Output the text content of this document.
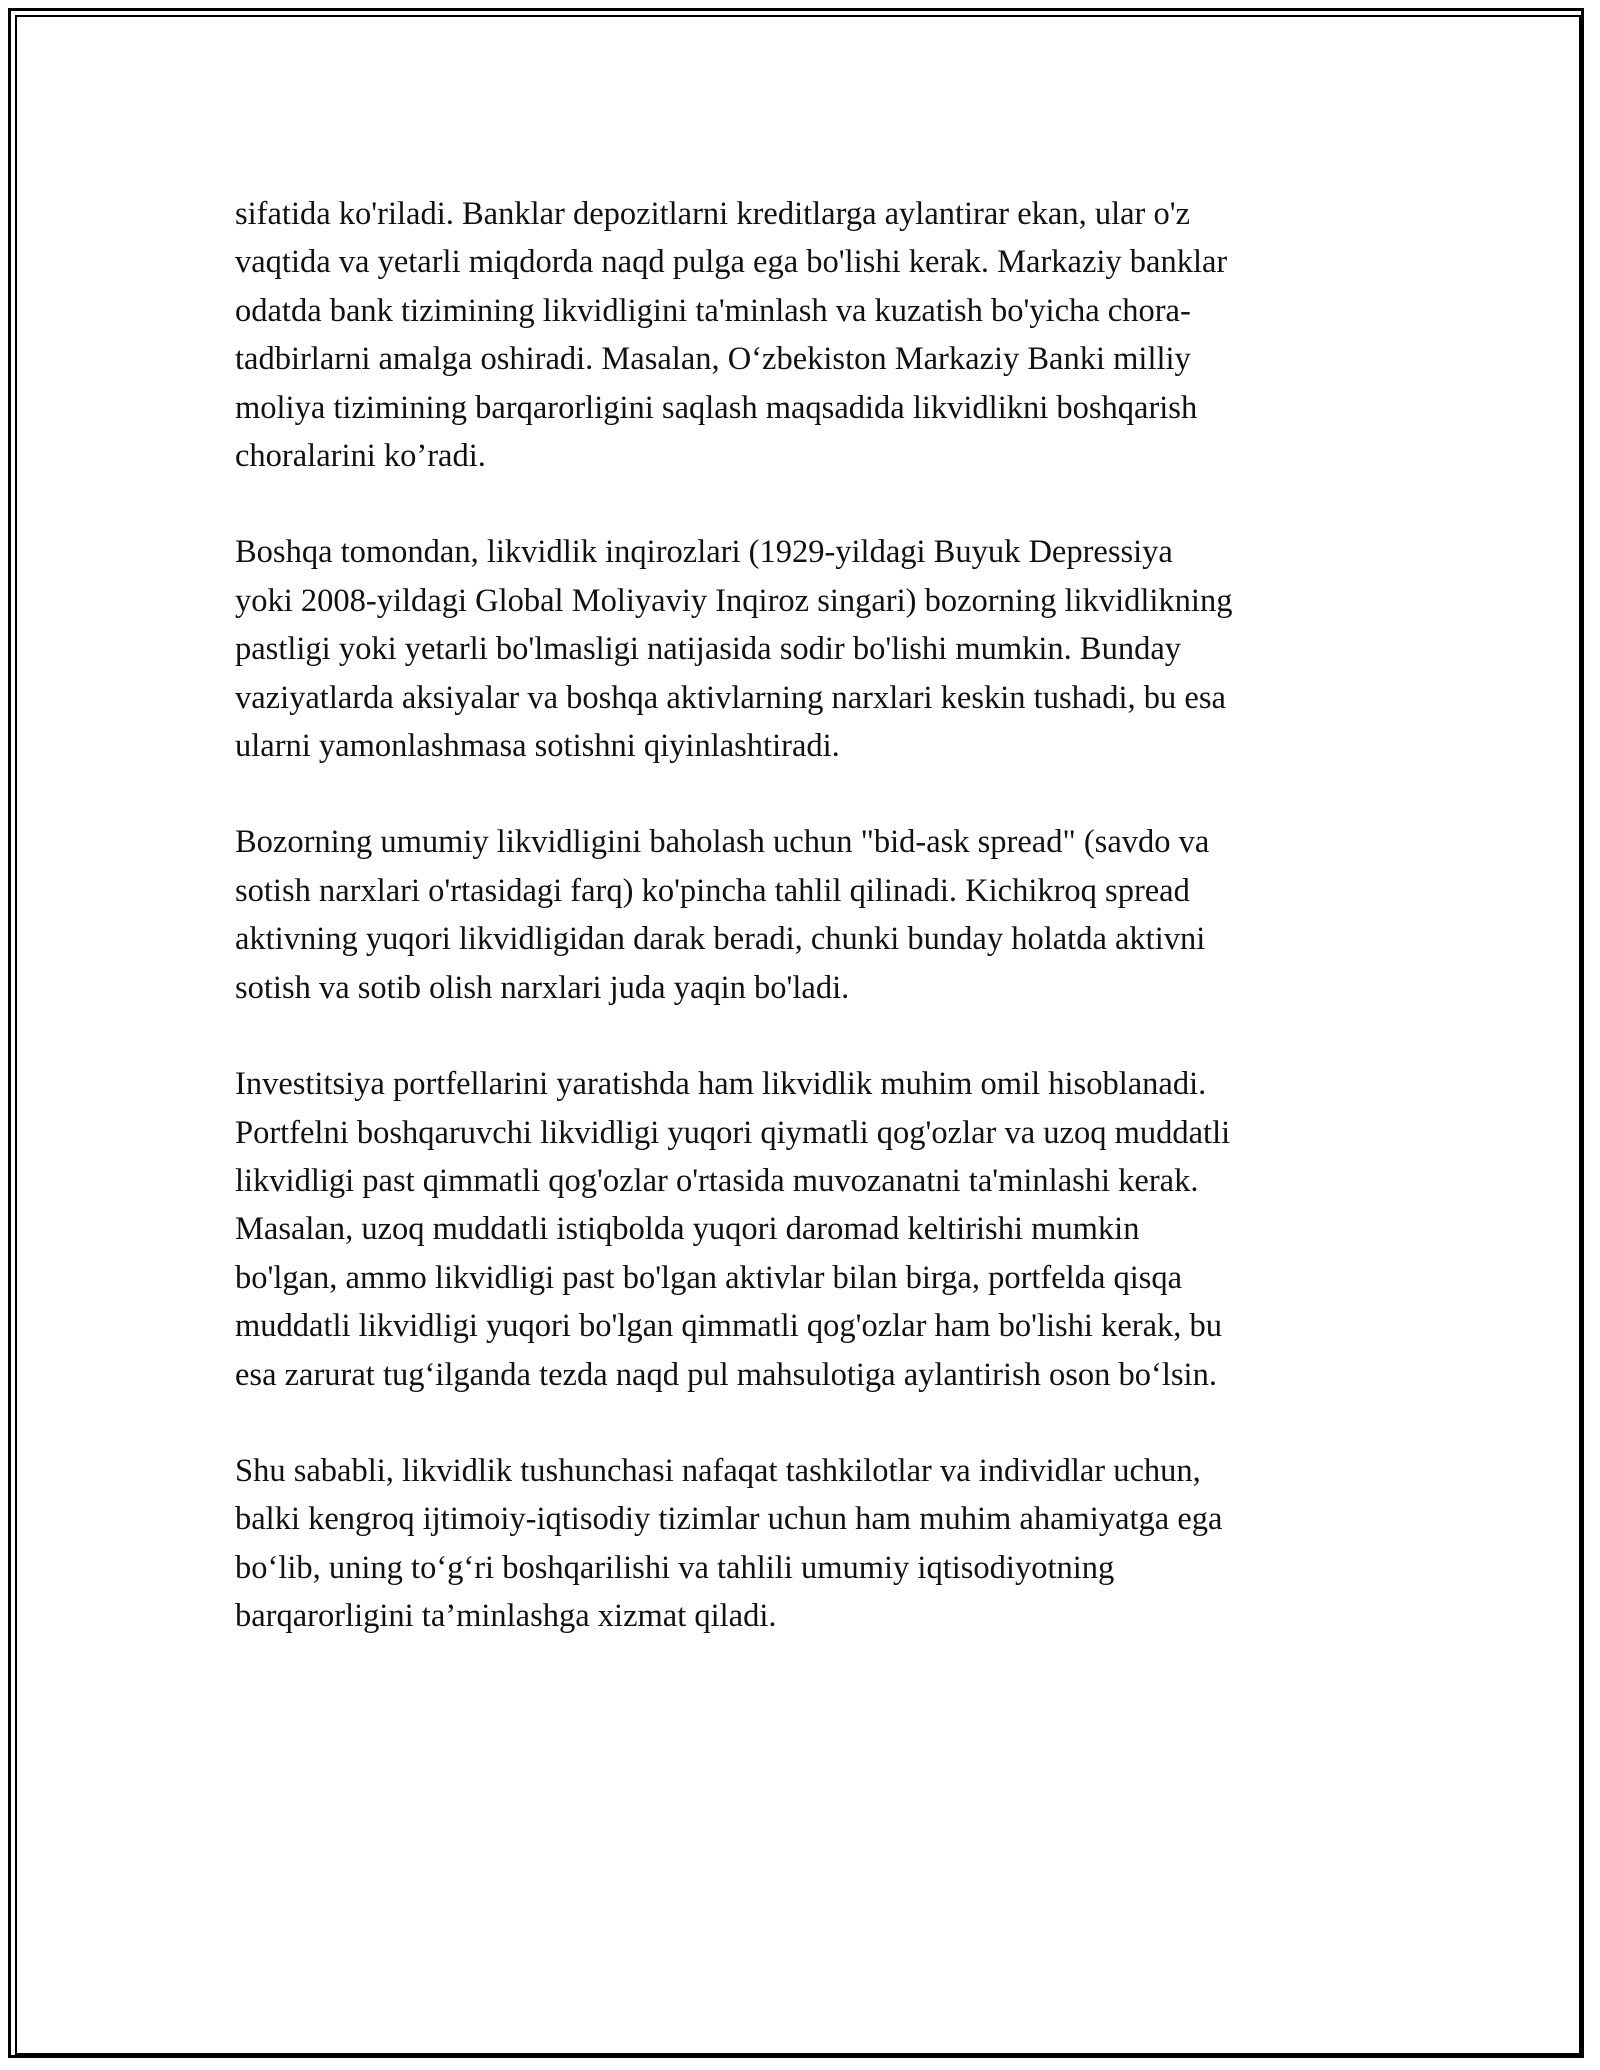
sifatida ko'riladi. Banklar depozitlarni kreditlarga aylantirar ekan, ular o'z
vaqtida va yetarli miqdorda naqd pulga ega bo'lishi kerak. Markaziy banklar
odatda bank tizimining likvidligini ta'minlash va kuzatish bo'yicha chora-
tadbirlarni amalga oshiradi. Masalan, Oʻzbekiston Markaziy Banki milliy
moliya tizimining barqarorligini saqlash maqsadida likvidlikni boshqarish
choralarini ko’radi.

Boshqa tomondan, likvidlik inqirozlari (1929-yildagi Buyuk Depressiya
yoki 2008-yildagi Global Moliyaviy Inqiroz singari) bozorning likvidlikning
pastligi yoki yetarli bo'lmasligi natijasida sodir bo'lishi mumkin. Bunday
vaziyatlarda aksiyalar va boshqa aktivlarning narxlari keskin tushadi, bu esa
ularni yamonlashmasa sotishni qiyinlashtiradi.

Bozorning umumiy likvidligini baholash uchun "bid-ask spread" (savdo va
sotish narxlari o'rtasidagi farq) ko'pincha tahlil qilinadi. Kichikroq spread
aktivning yuqori likvidligidan darak beradi, chunki bunday holatda aktivni
sotish va sotib olish narxlari juda yaqin bo'ladi.

Investitsiya portfellarini yaratishda ham likvidlik muhim omil hisoblanadi.
Portfelni boshqaruvchi likvidligi yuqori qiymatli qog'ozlar va uzoq muddatli
likvidligi past qimmatli qog'ozlar o'rtasida muvozanatni ta'minlashi kerak.
Masalan, uzoq muddatli istiqbolda yuqori daromad keltirishi mumkin
bo'lgan, ammo likvidligi past bo'lgan aktivlar bilan birga, portfelda qisqa
muddatli likvidligi yuqori bo'lgan qimmatli qog'ozlar ham bo'lishi kerak, bu
esa zarurat tugʻilganda tezda naqd pul mahsulotiga aylantirish oson boʻlsin.

Shu sababli, likvidlik tushunchasi nafaqat tashkilotlar va individlar uchun,
balki kengroq ijtimoiy-iqtisodiy tizimlar uchun ham muhim ahamiyatga ega
boʻlib, uning toʻgʻri boshqarilishi va tahlili umumiy iqtisodiyotning
barqarorligini ta’minlashga xizmat qiladi.
